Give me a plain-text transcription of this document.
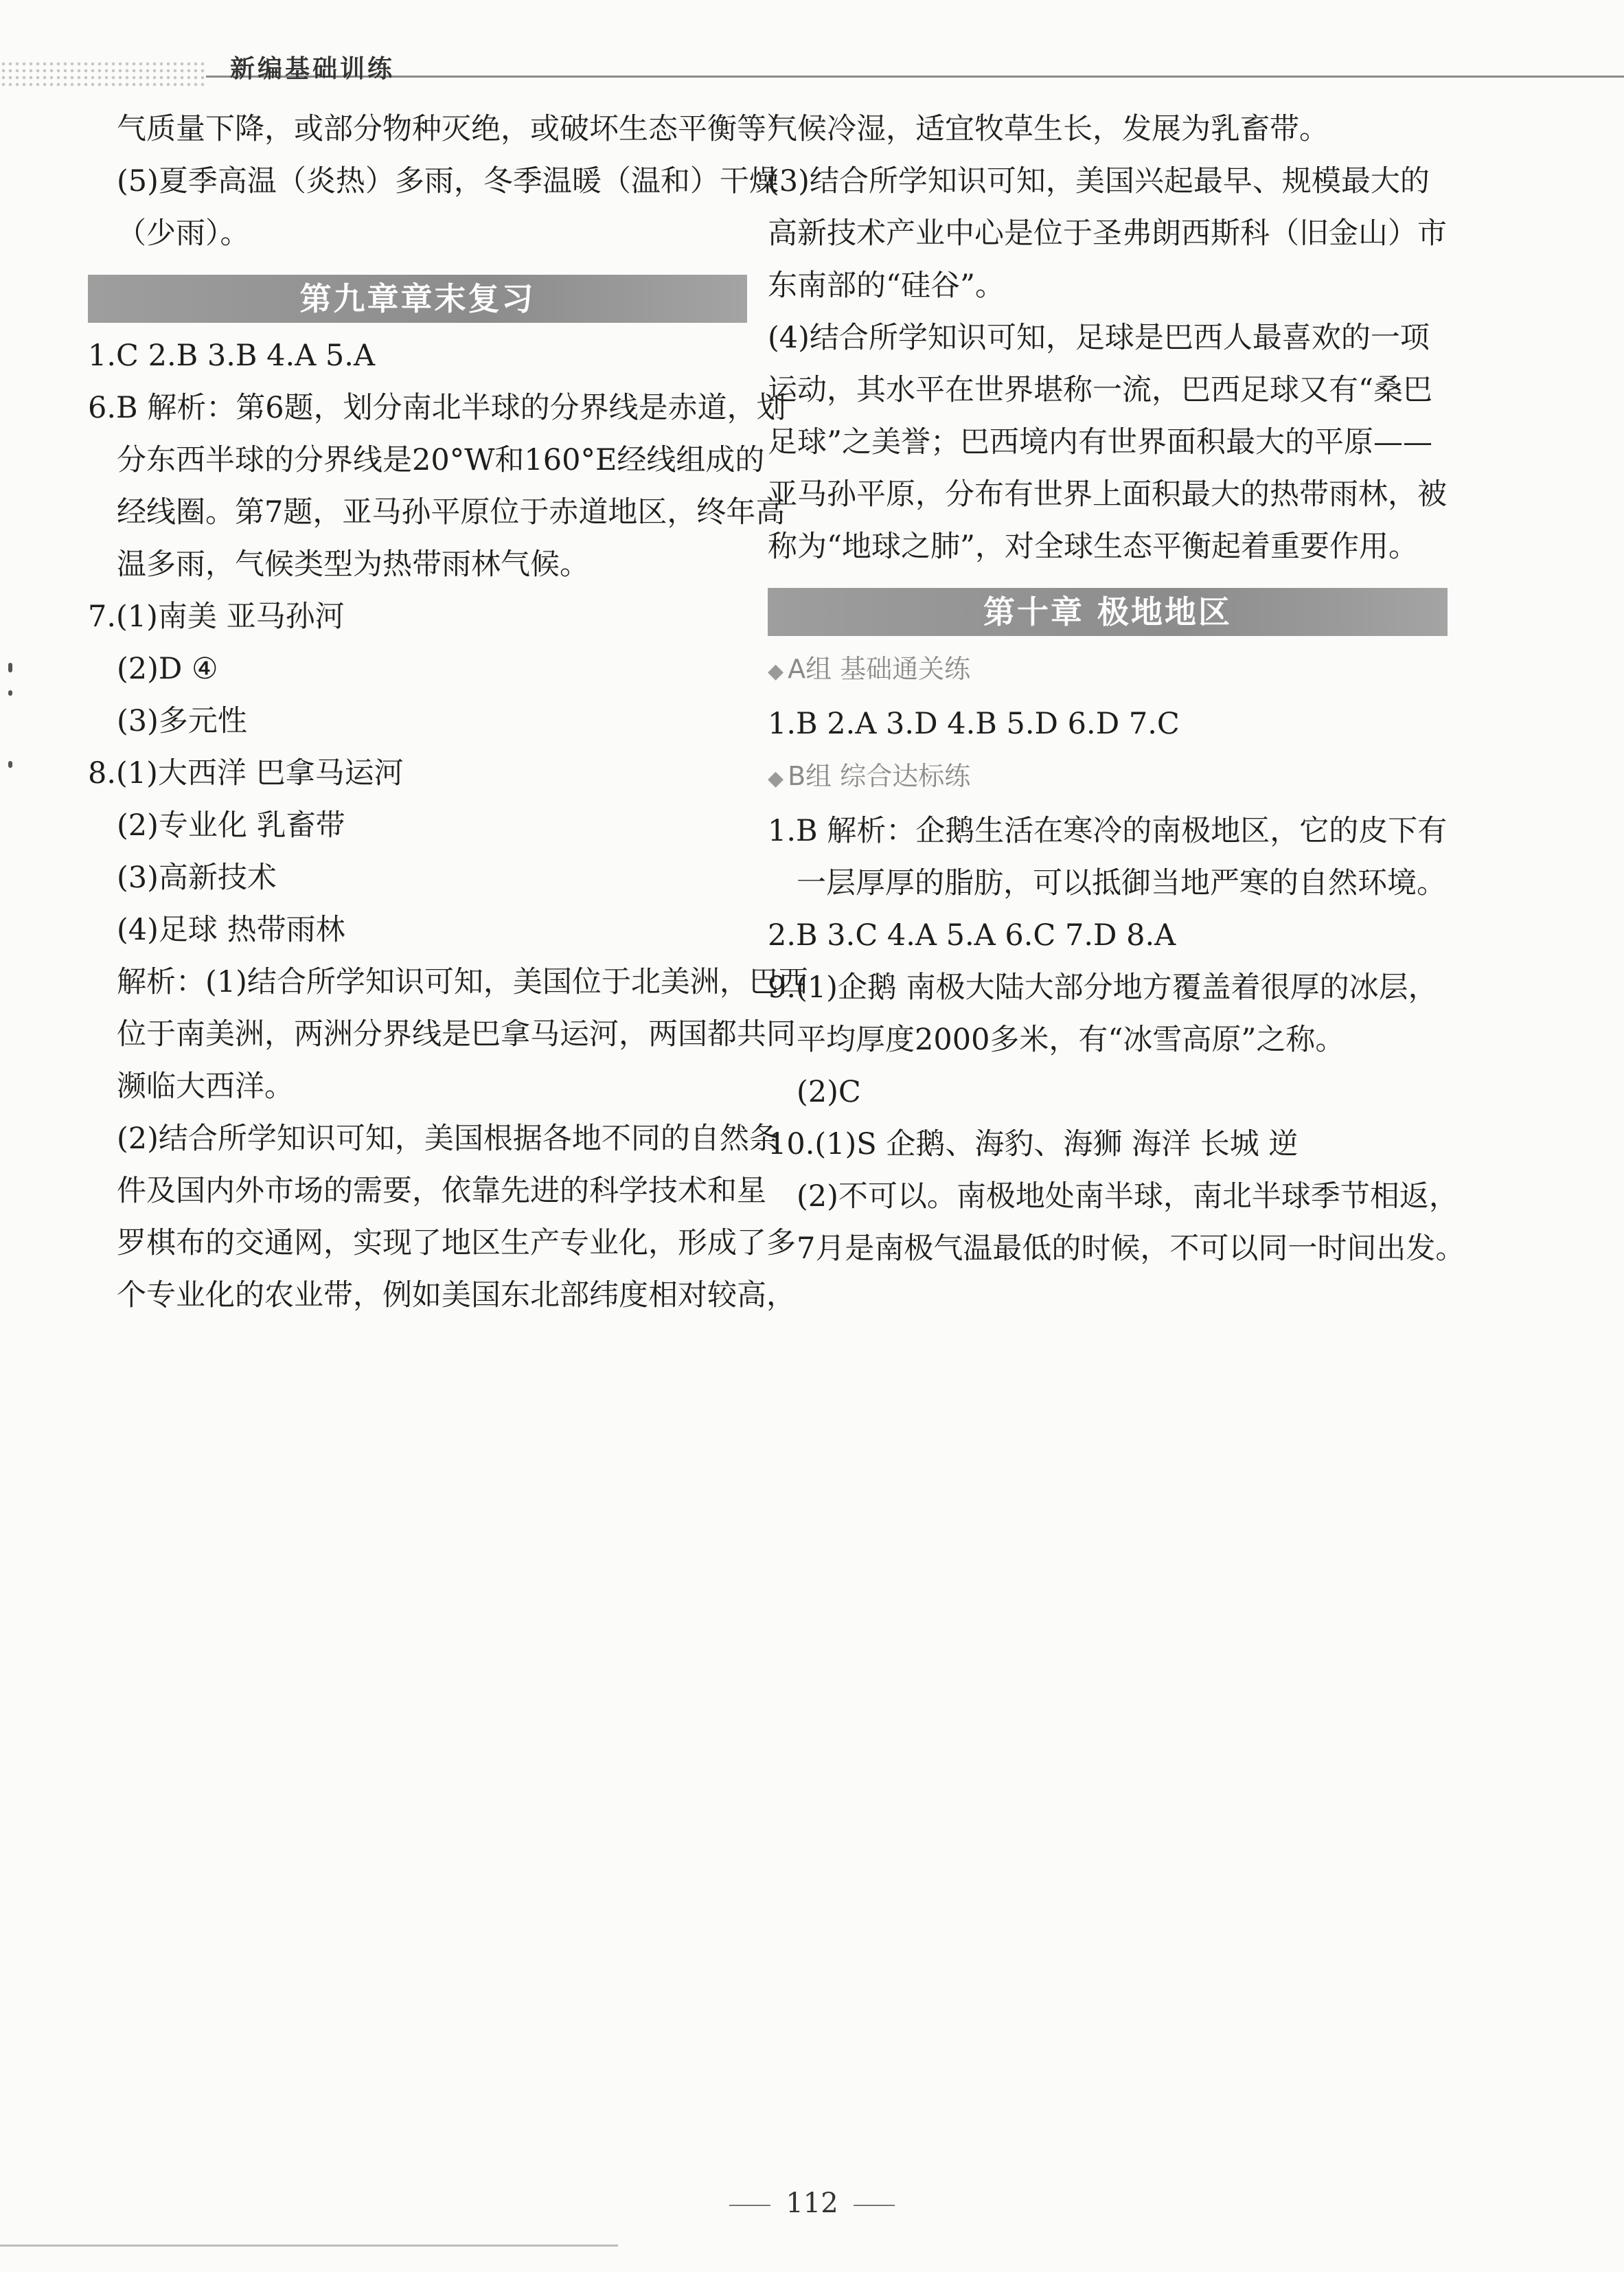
新编基础训练
气质量下降，或部分物种灭绝，或破坏生态平衡等）
(5)夏季高温（炎热）多雨，冬季温暖（温和）干燥
（少雨）。
第九章章末复习
1.C 2.B 3.B 4.A 5.A
6.B 解析：第6题，划分南北半球的分界线是赤道，划
分东西半球的分界线是20°W和160°E经线组成的
经线圈。第7题，亚马孙平原位于赤道地区，终年高
温多雨，气候类型为热带雨林气候。
7.(1)南美 亚马孙河
(2)D ④
(3)多元性
8.(1)大西洋 巴拿马运河
(2)专业化 乳畜带
(3)高新技术
(4)足球 热带雨林
解析：(1)结合所学知识可知，美国位于北美洲，巴西
位于南美洲，两洲分界线是巴拿马运河，两国都共同
濒临大西洋。
(2)结合所学知识可知，美国根据各地不同的自然条
件及国内外市场的需要，依靠先进的科学技术和星
罗棋布的交通网，实现了地区生产专业化，形成了多
个专业化的农业带，例如美国东北部纬度相对较高，
气候冷湿，适宜牧草生长，发展为乳畜带。
(3)结合所学知识可知，美国兴起最早、规模最大的
高新技术产业中心是位于圣弗朗西斯科（旧金山）市
东南部的“硅谷”。
(4)结合所学知识可知，足球是巴西人最喜欢的一项
运动，其水平在世界堪称一流，巴西足球又有“桑巴
足球”之美誉；巴西境内有世界面积最大的平原——
亚马孙平原，分布有世界上面积最大的热带雨林，被
称为“地球之肺”，对全球生态平衡起着重要作用。
第十章 极地地区
◆ A组 基础通关练
1.B 2.A 3.D 4.B 5.D 6.D 7.C
◆ B组 综合达标练
1.B 解析：企鹅生活在寒冷的南极地区，它的皮下有
一层厚厚的脂肪，可以抵御当地严寒的自然环境。
2.B 3.C 4.A 5.A 6.C 7.D 8.A
9.(1)企鹅 南极大陆大部分地方覆盖着很厚的冰层，
平均厚度2000多米，有“冰雪高原”之称。
(2)C
10.(1)S 企鹅、海豹、海狮 海洋 长城 逆
(2)不可以。南极地处南半球，南北半球季节相返，
7月是南极气温最低的时候，不可以同一时间出发。
112
